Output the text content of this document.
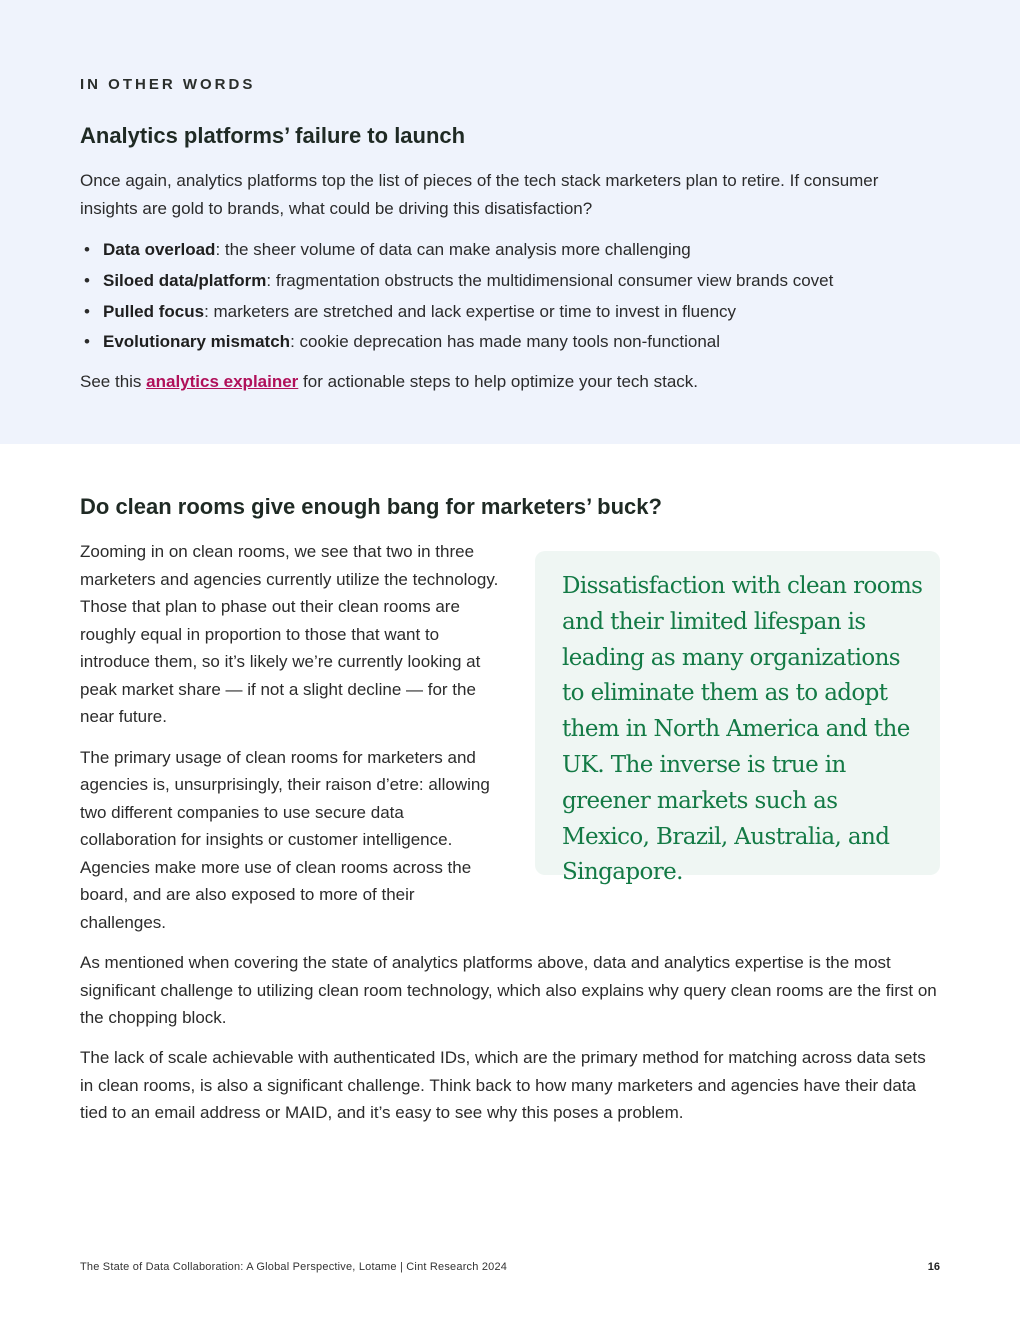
IN OTHER WORDS
Analytics platforms’ failure to launch

Once again, analytics platforms top the list of pieces of the tech stack marketers plan to retire. If consumer insights are gold to brands, what could be driving this disatisfaction?

• Data overload: the sheer volume of data can make analysis more challenging
• Siloed data/platform: fragmentation obstructs the multidimensional consumer view brands covet
• Pulled focus: marketers are stretched and lack expertise or time to invest in fluency
• Evolutionary mismatch: cookie deprecation has made many tools non-functional

See this analytics explainer for actionable steps to help optimize your tech stack.

Do clean rooms give enough bang for marketers’ buck?

Zooming in on clean rooms, we see that two in three marketers and agencies currently utilize the technology. Those that plan to phase out their clean rooms are roughly equal in proportion to those that want to introduce them, so it’s likely we’re currently looking at peak market share — if not a slight decline — for the near future.

The primary usage of clean rooms for marketers and agencies is, unsurprisingly, their raison d’etre: allowing two different companies to use secure data collaboration for insights or customer intelligence. Agencies make more use of clean rooms across the board, and are also exposed to more of their challenges.

Dissatisfaction with clean rooms and their limited lifespan is leading as many organizations to eliminate them as to adopt them in North America and the UK. The inverse is true in greener markets such as Mexico, Brazil, Australia, and Singapore.

As mentioned when covering the state of analytics platforms above, data and analytics expertise is the most significant challenge to utilizing clean room technology, which also explains why query clean rooms are the first on the chopping block.

The lack of scale achievable with authenticated IDs, which are the primary method for matching across data sets in clean rooms, is also a significant challenge. Think back to how many marketers and agencies have their data tied to an email address or MAID, and it’s easy to see why this poses a problem.

The State of Data Collaboration: A Global Perspective, Lotame | Cint Research 2024	16
